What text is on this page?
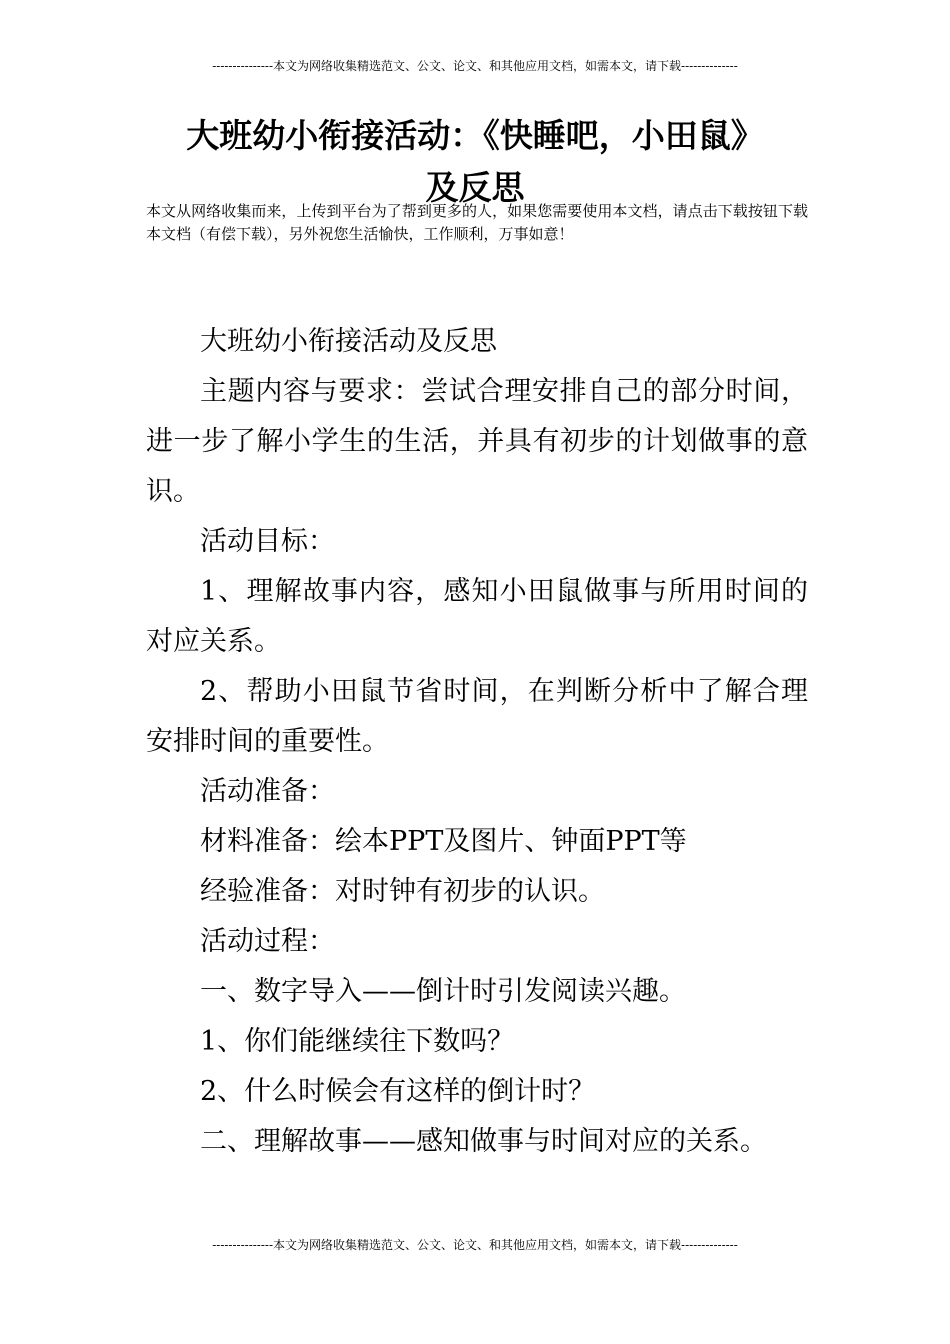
---------------本文为网络收集精选范文、公文、论文、和其他应用文档，如需本文，请下载--------------
大班幼小衔接活动：《快睡吧，小田鼠》
及反思
本文从网络收集而来，上传到平台为了帮到更多的人，如果您需要使用本文档，请点击下载按钮下载本文档（有偿下载），另外祝您生活愉快，工作顺利，万事如意！

大班幼小衔接活动及反思

主题内容与要求：尝试合理安排自己的部分时间，进一步了解小学生的生活，并具有初步的计划做事的意识。

活动目标：

1、理解故事内容，感知小田鼠做事与所用时间的对应关系。

2、帮助小田鼠节省时间，在判断分析中了解合理安排时间的重要性。

活动准备：

材料准备：绘本PPT及图片、钟面PPT等

经验准备：对时钟有初步的认识。

活动过程：

一、数字导入——倒计时引发阅读兴趣。

1、你们能继续往下数吗？

2、什么时候会有这样的倒计时？

二、理解故事——感知做事与时间对应的关系。

---------------本文为网络收集精选范文、公文、论文、和其他应用文档，如需本文，请下载--------------
